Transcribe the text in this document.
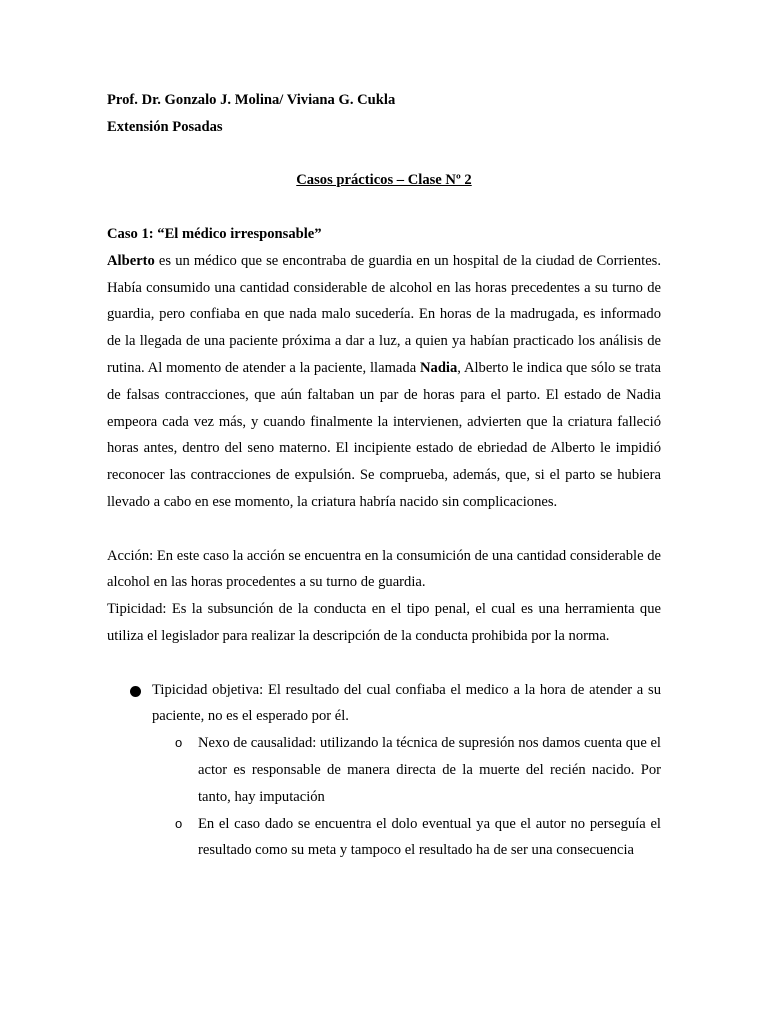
Prof. Dr. Gonzalo J. Molina/ Viviana G. Cukla

Extensión Posadas

Casos prácticos – Clase Nº 2

Caso 1: “El médico irresponsable”

Alberto es un médico que se encontraba de guardia en un hospital de la ciudad de Corrientes. Había consumido una cantidad considerable de alcohol en las horas precedentes a su turno de guardia, pero confiaba en que nada malo sucedería. En horas de la madrugada, es informado de la llegada de una paciente próxima a dar a luz, a quien ya habían practicado los análisis de rutina. Al momento de atender a la paciente, llamada Nadia, Alberto le indica que sólo se trata de falsas contracciones, que aún faltaban un par de horas para el parto. El estado de Nadia empeora cada vez más, y cuando finalmente la intervienen, advierten que la criatura falleció horas antes, dentro del seno materno. El incipiente estado de ebriedad de Alberto le impidió reconocer las contracciones de expulsión. Se comprueba, además, que, si el parto se hubiera llevado a cabo en ese momento, la criatura habría nacido sin complicaciones.

Acción: En este caso la acción se encuentra en la consumición de una cantidad considerable de alcohol en las horas procedentes a su turno de guardia.

Tipicidad: Es la subsunción de la conducta en el tipo penal, el cual es una herramienta que utiliza el legislador para realizar la descripción de la conducta prohibida por la norma.

Tipicidad objetiva: El resultado del cual confiaba el medico a la hora de atender a su paciente, no es el esperado por él.
o Nexo de causalidad: utilizando la técnica de supresión nos damos cuenta que el actor es responsable de manera directa de la muerte del recién nacido. Por tanto, hay imputación
o En el caso dado se encuentra el dolo eventual ya que el autor no perseguía el resultado como su meta y tampoco el resultado ha de ser una consecuencia
